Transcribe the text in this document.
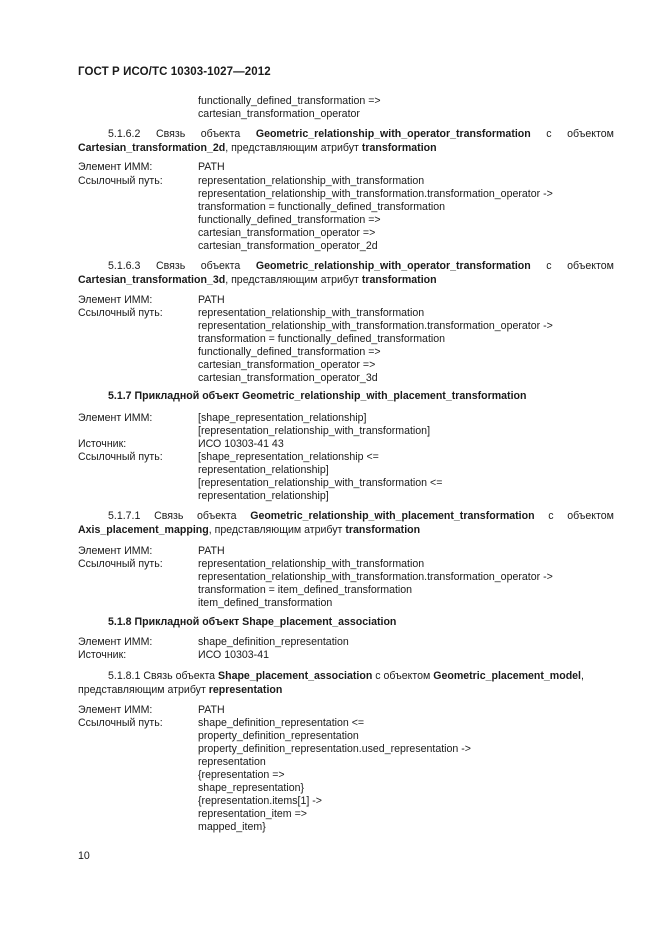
ГОСТ Р ИСО/ТС 10303-1027—2012
functionally_defined_transformation =>
cartesian_transformation_operator
5.1.6.2 Связь объекта Geometric_relationship_with_operator_transformation с объектом
Cartesian_transformation_2d, представляющим атрибут transformation
Элемент ИММ:	PATH
Ссылочный путь:	representation_relationship_with_transformation
representation_relationship_with_transformation.transformation_operator ->
transformation = functionally_defined_transformation
functionally_defined_transformation =>
cartesian_transformation_operator =>
cartesian_transformation_operator_2d
5.1.6.3 Связь объекта Geometric_relationship_with_operator_transformation с объектом
Cartesian_transformation_3d, представляющим атрибут transformation
Элемент ИММ:	PATH
Ссылочный путь:	representation_relationship_with_transformation
representation_relationship_with_transformation.transformation_operator ->
transformation = functionally_defined_transformation
functionally_defined_transformation =>
cartesian_transformation_operator =>
cartesian_transformation_operator_3d
5.1.7 Прикладной объект Geometric_relationship_with_placement_transformation
Элемент ИММ:	[shape_representation_relationship]
[representation_relationship_with_transformation]
Источник:	ИСО 10303-41 43
Ссылочный путь:	[shape_representation_relationship <=
representation_relationship]
[representation_relationship_with_transformation <=
representation_relationship]
5.1.7.1 Связь объекта Geometric_relationship_with_placement_transformation с объектом
Axis_placement_mapping, представляющим атрибут transformation
Элемент ИММ:	PATH
Ссылочный путь:	representation_relationship_with_transformation
representation_relationship_with_transformation.transformation_operator ->
transformation = item_defined_transformation
item_defined_transformation
5.1.8 Прикладной объект Shape_placement_association
Элемент ИММ:	shape_definition_representation
Источник:	ИСО 10303-41
5.1.8.1 Связь объекта Shape_placement_association с объектом Geometric_placement_model,
представляющим атрибут representation
Элемент ИММ:	PATH
Ссылочный путь:	shape_definition_representation <=
property_definition_representation
property_definition_representation.used_representation ->
representation
{representation =>
shape_representation}
{representation.items[1] ->
representation_item =>
mapped_item}
10
